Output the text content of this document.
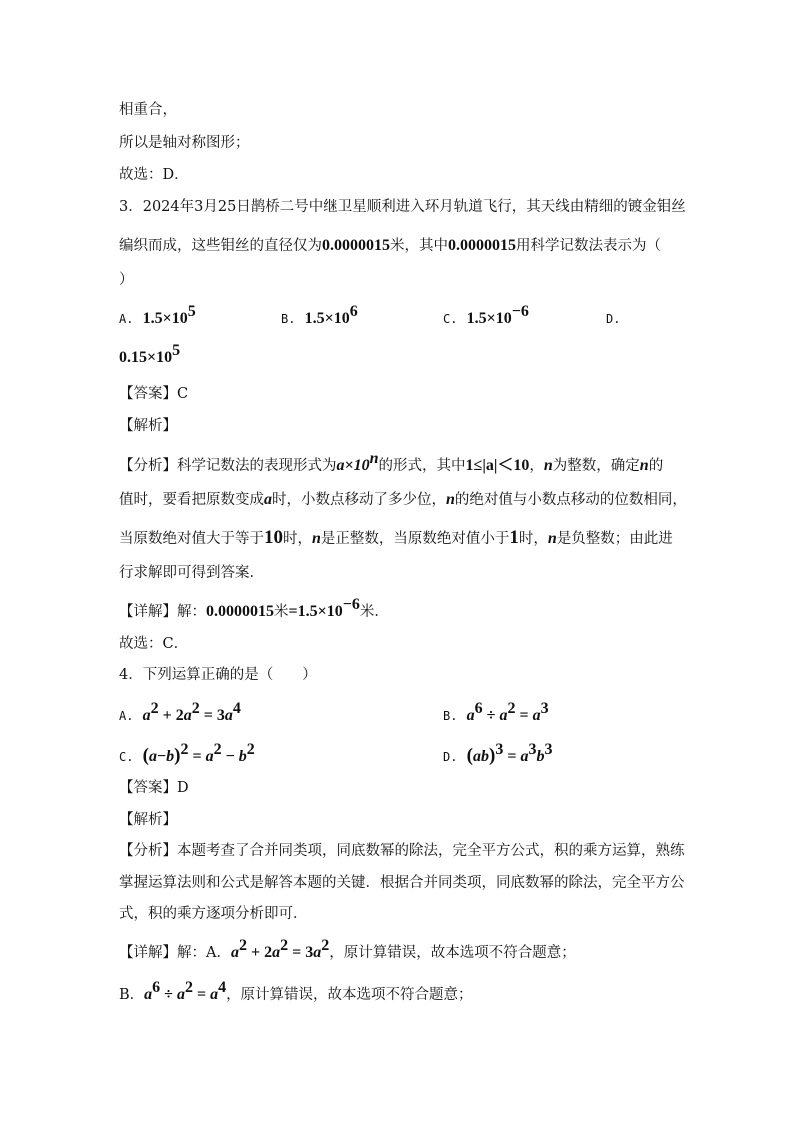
相重合，
所以是轴对称图形；
故选：D．
3．2024年3月25日鹊桥二号中继卫星顺利进入环月轨道飞行，其天线由精细的镀金钼丝
编织而成，这些钼丝的直径仅为0.0000015米，其中0.0000015用科学记数法表示为（
）
A. $1.5\times 10^5$	B. $1.5\times 10^6$	C. $1.5\times 10^{-6}$	D.
$0.15\times 10^5$
【答案】C
【解析】
【分析】科学记数法的表现形式为$a\times 10^n$的形式，其中1≤|a|＜10，n为整数，确定n的
值时，要看把原数变成a时，小数点移动了多少位，n的绝对值与小数点移动的位数相同，
当原数绝对值大于等于10时，n是正整数，当原数绝对值小于1时，n是负整数；由此进
行求解即可得到答案．
【详解】解：0.0000015米$=1.5\times 10^{-6}$米．
故选：C．
4．下列运算正确的是（　　）
A. $a^2 + 2a^2 = 3a^4$	B. $a^6 \div a^2 = a^3$
C. $(a-b)^2 = a^2 - b^2$	D. $(ab)^3 = a^3b^3$
【答案】D
【解析】
【分析】本题考查了合并同类项，同底数幂的除法，完全平方公式，积的乘方运算，熟练
掌握运算法则和公式是解答本题的关键．根据合并同类项，同底数幂的除法，完全平方公
式，积的乘方逐项分析即可．
【详解】解：A．$a^2 + 2a^2 = 3a^2$，原计算错误，故本选项不符合题意；
B．$a^6 \div a^2 = a^4$，原计算错误，故本选项不符合题意；
